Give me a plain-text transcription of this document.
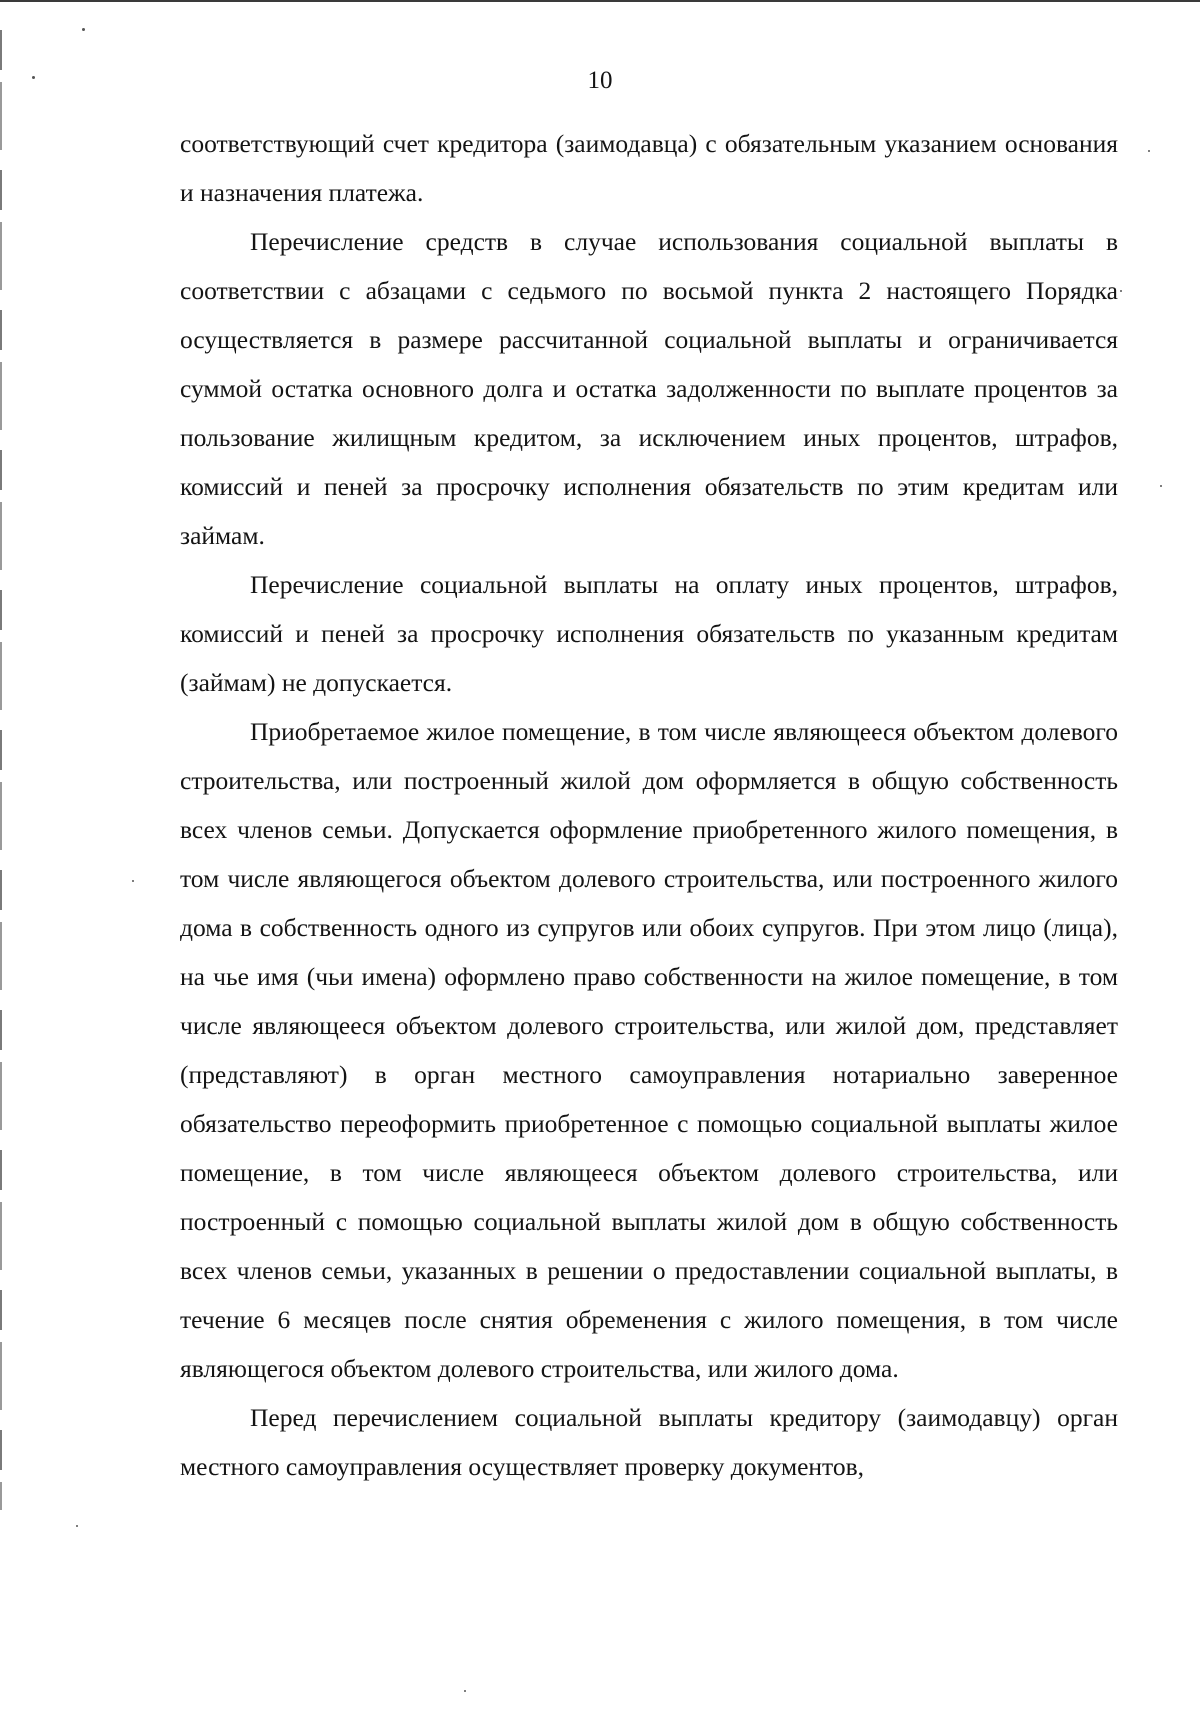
10

соответствующий счет кредитора (заимодавца) с обязательным указанием основания и назначения платежа.

Перечисление средств в случае использования социальной выплаты в соответствии с абзацами с седьмого по восьмой пункта 2 настоящего Порядка осуществляется в размере рассчитанной социальной выплаты и ограничивается суммой остатка основного долга и остатка задолженности по выплате процентов за пользование жилищным кредитом, за исключением иных процентов, штрафов, комиссий и пеней за просрочку исполнения обязательств по этим кредитам или займам.

Перечисление социальной выплаты на оплату иных процентов, штрафов, комиссий и пеней за просрочку исполнения обязательств по указанным кредитам (займам) не допускается.

Приобретаемое жилое помещение, в том числе являющееся объектом долевого строительства, или построенный жилой дом оформляется в общую собственность всех членов семьи. Допускается оформление приобретенного жилого помещения, в том числе являющегося объектом долевого строительства, или построенного жилого дома в собственность одного из супругов или обоих супругов. При этом лицо (лица), на чье имя (чьи имена) оформлено право собственности на жилое помещение, в том числе являющееся объектом долевого строительства, или жилой дом, представляет (представляют) в орган местного самоуправления нотариально заверенное обязательство переоформить приобретенное с помощью социальной выплаты жилое помещение, в том числе являющееся объектом долевого строительства, или построенный с помощью социальной выплаты жилой дом в общую собственность всех членов семьи, указанных в решении о предоставлении социальной выплаты, в течение 6 месяцев после снятия обременения с жилого помещения, в том числе являющегося объектом долевого строительства, или жилого дома.

Перед перечислением социальной выплаты кредитору (заимодавцу) орган местного самоуправления осуществляет проверку документов,
